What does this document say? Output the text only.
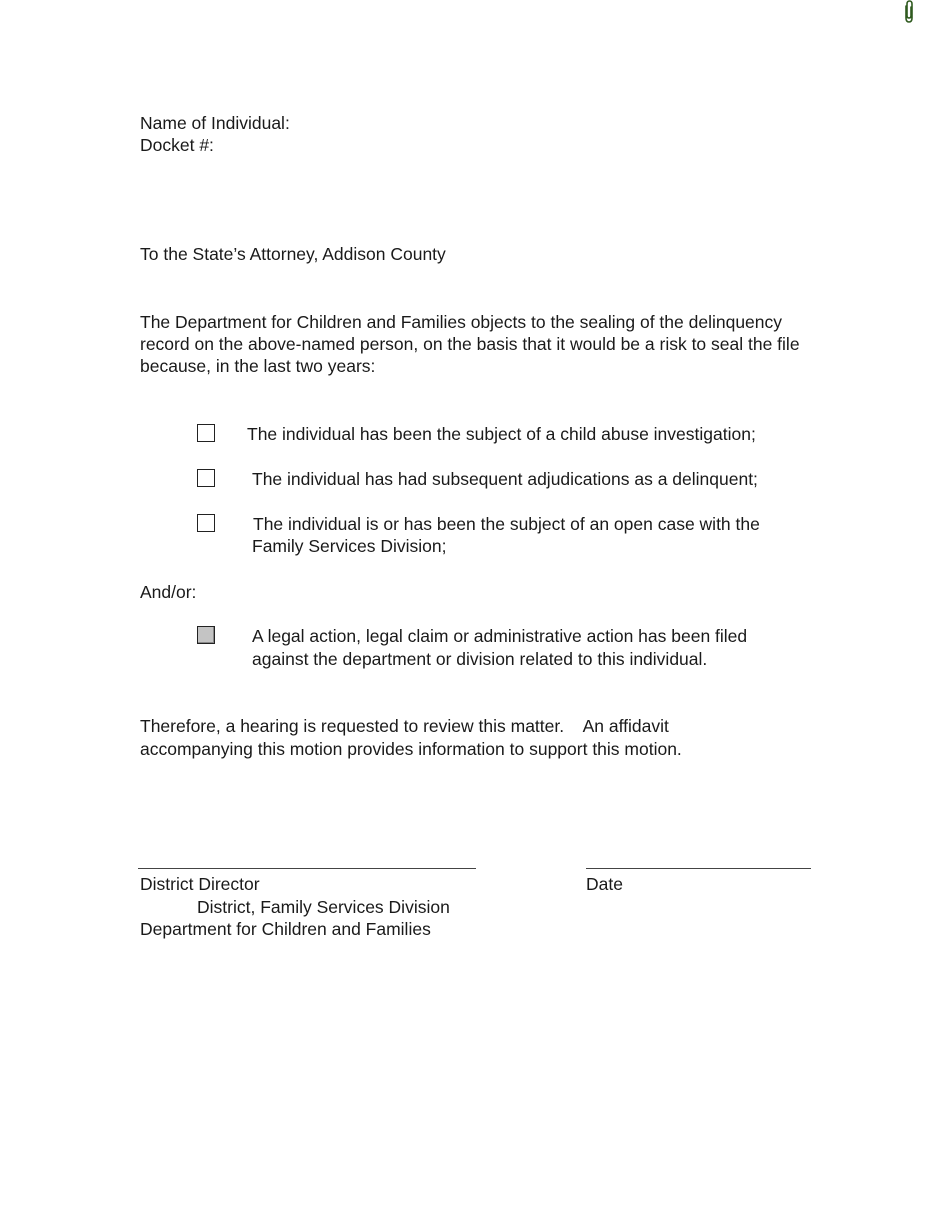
Name of Individual:
Docket #:
To the State’s Attorney, Addison County
The Department for Children and Families objects to the sealing of the delinquency record on the above-named person, on the basis that it would be a risk to seal the file because, in the last two years:
The individual has been the subject of a child abuse investigation;
The individual has had subsequent adjudications as a delinquent;
The individual is or has been the subject of an open case with the
Family Services Division;
And/or:
A legal action, legal claim or administrative action has been filed
against the department or division related to this individual.
Therefore, a hearing is requested to review this matter.    An affidavit
accompanying this motion provides information to support this motion.
District Director	Date
District, Family Services Division
Department for Children and Families
